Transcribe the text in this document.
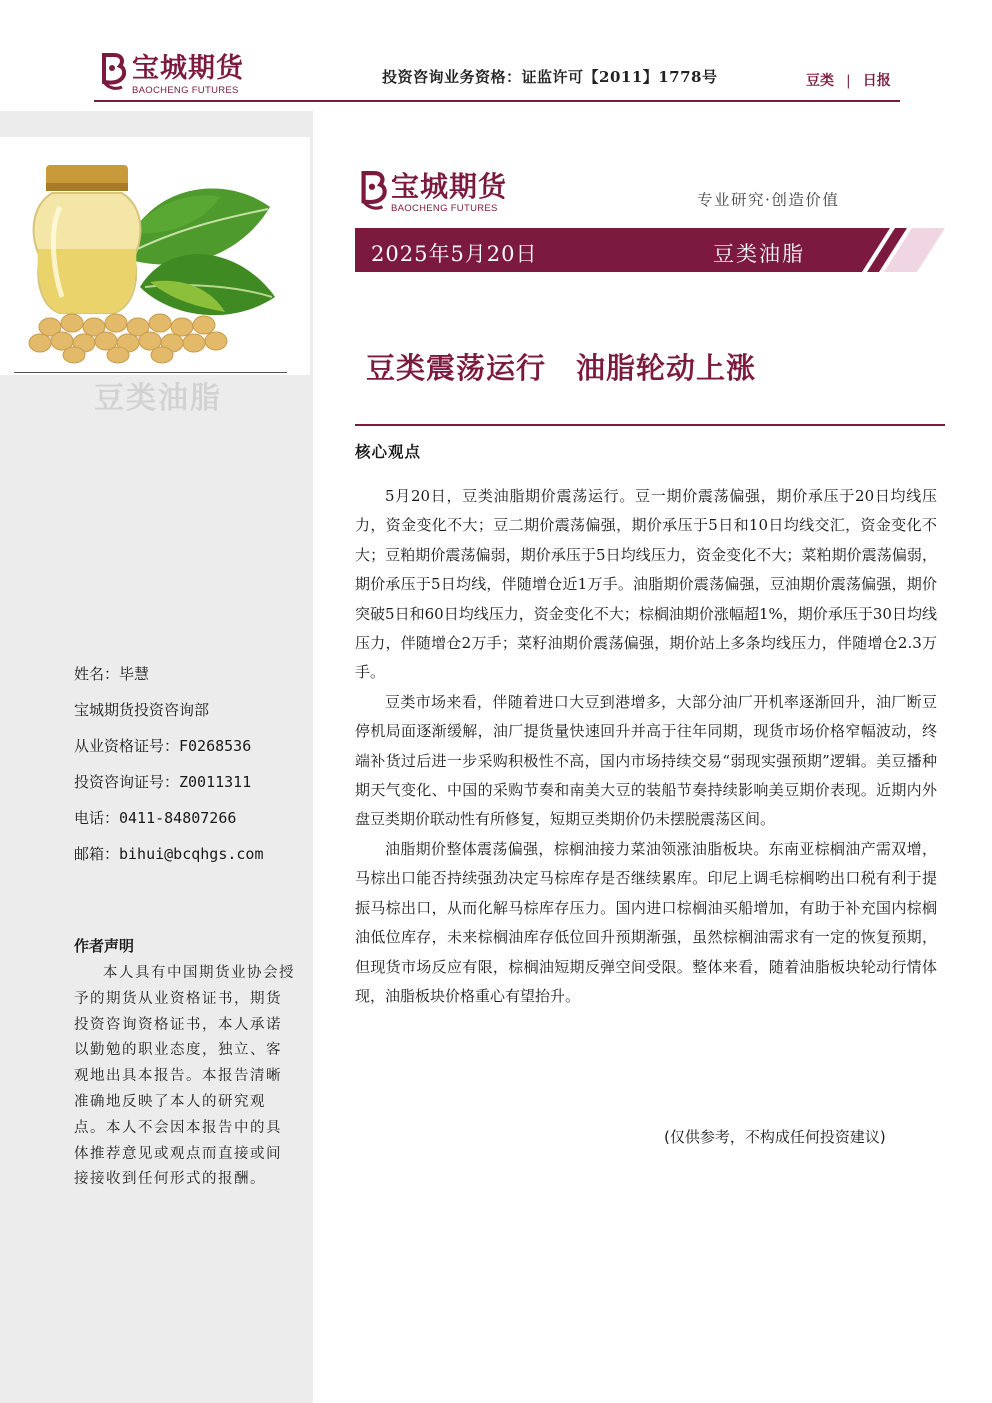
宝城期货
BAOCHENG FUTURES
投资咨询业务资格：证监许可【2011】1778号	豆类 | 日报
豆类油脂
姓名：毕慧
宝城期货投资咨询部
从业资格证号：F0268536
投资咨询证号：Z0011311
电话：0411-84807266
邮箱：bihui@bcqhgs.com
作者声明
本人具有中国期货业协会授予的期货从业资格证书，期货投资咨询资格证书，本人承诺以勤勉的职业态度，独立、客观地出具本报告。本报告清晰准确地反映了本人的研究观点。本人不会因本报告中的具体推荐意见或观点而直接或间接接收到任何形式的报酬。
宝城期货
BAOCHENG FUTURES	专业研究·创造价值
2025年5月20日	豆类油脂
豆类震荡运行 油脂轮动上涨
核心观点

5月20日，豆类油脂期价震荡运行。豆一期价震荡偏强，期价承压于20日均线压力，资金变化不大；豆二期价震荡偏强，期价承压于5日和10日均线交汇，资金变化不大；豆粕期价震荡偏弱，期价承压于5日均线压力，资金变化不大；菜粕期价震荡偏弱，期价承压于5日均线，伴随增仓近1万手。油脂期价震荡偏强，豆油期价震荡偏强，期价突破5日和60日均线压力，资金变化不大；棕榈油期价涨幅超1%，期价承压于30日均线压力，伴随增仓2万手；菜籽油期价震荡偏强，期价站上多条均线压力，伴随增仓2.3万手。

豆类市场来看，伴随着进口大豆到港增多，大部分油厂开机率逐渐回升，油厂断豆停机局面逐渐缓解，油厂提货量快速回升并高于往年同期，现货市场价格窄幅波动，终端补货过后进一步采购积极性不高，国内市场持续交易“弱现实强预期”逻辑。美豆播种期天气变化、中国的采购节奏和南美大豆的装船节奏持续影响美豆期价表现。近期内外盘豆类期价联动性有所修复，短期豆类期价仍未摆脱震荡区间。

油脂期价整体震荡偏强，棕榈油接力菜油领涨油脂板块。东南亚棕榈油产需双增，马棕出口能否持续强劲决定马棕库存是否继续累库。印尼上调毛棕榈哟出口税有利于提振马棕出口，从而化解马棕库存压力。国内进口棕榈油买船增加，有助于补充国内棕榈油低位库存，未来棕榈油库存低位回升预期渐强，虽然棕榈油需求有一定的恢复预期，但现货市场反应有限，棕榈油短期反弹空间受限。整体来看，随着油脂板块轮动行情体现，油脂板块价格重心有望抬升。

(仅供参考，不构成任何投资建议)
